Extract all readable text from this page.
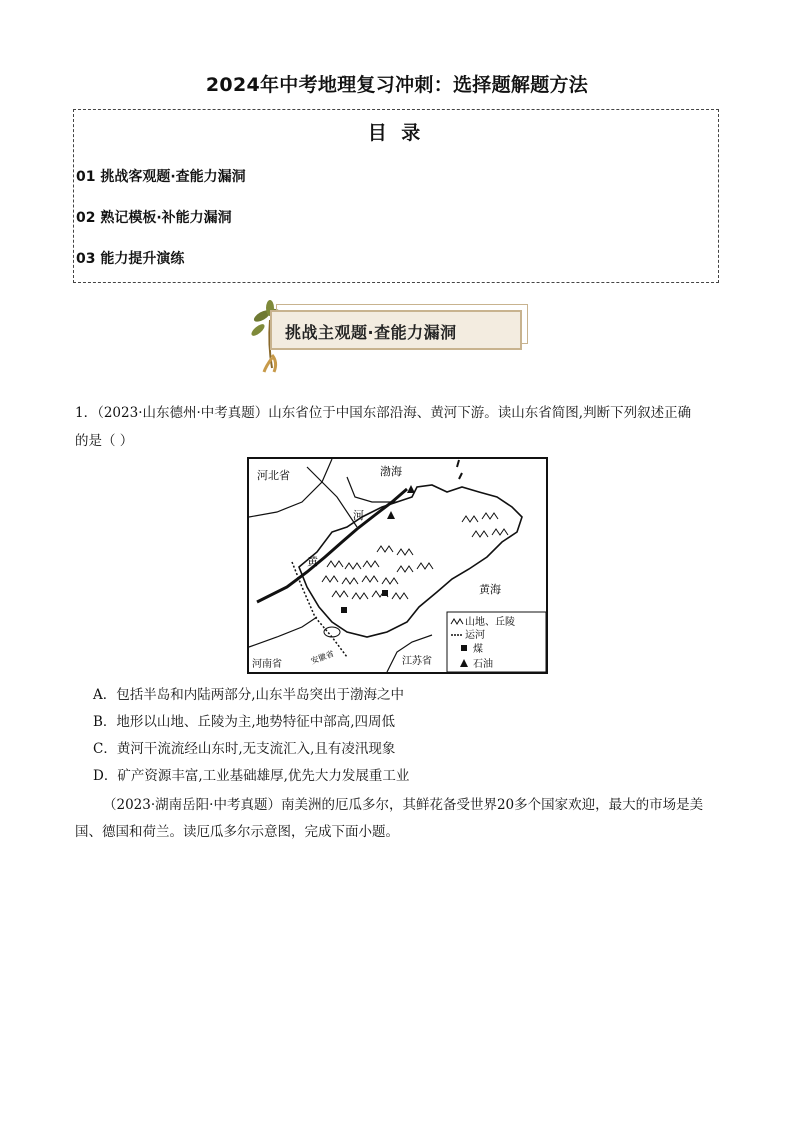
2024年中考地理复习冲刺：选择题解题方法
目 录
01 挑战客观题·查能力漏洞
02 熟记模板·补能力漏洞
03 能力提升演练
挑战主观题·查能力漏洞
1．（2023·山东德州·中考真题）山东省位于中国东部沿海、黄河下游。读山东省简图,判断下列叙述正确
的是（ ）
河北省	渤海
河
黄
黄海
河南省	安徽省	江苏省
山地、丘陵
运河
煤
石油
A．包括半岛和内陆两部分,山东半岛突出于渤海之中
B．地形以山地、丘陵为主,地势特征中部高,四周低
C．黄河干流流经山东时,无支流汇入,且有凌汛现象
D．矿产资源丰富,工业基础雄厚,优先大力发展重工业
（2023·湖南岳阳·中考真题）南美洲的厄瓜多尔，其鲜花备受世界20多个国家欢迎，最大的市场是美国、德国和荷兰。读厄瓜多尔示意图，完成下面小题。
